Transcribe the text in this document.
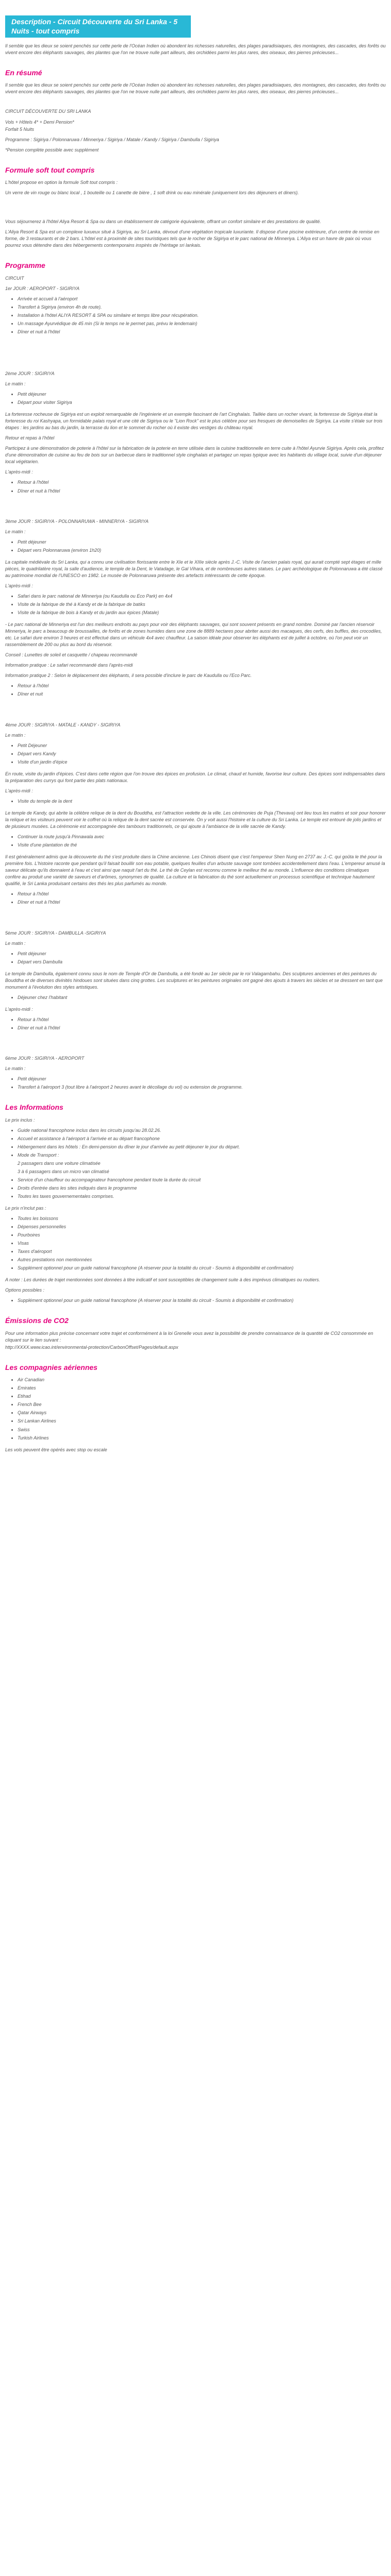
Description - Circuit Découverte du Sri Lanka - 5 Nuits - tout compris

Il semble que les dieux se soient penchés sur cette perle de l'Océan Indien où abondent les richesses naturelles, des plages paradisiaques, des montagnes, des cascades, des forêts ou vivent encore des éléphants sauvages, des plantes que l'on ne trouve nulle part ailleurs, des orchidées parmi les plus rares, des oiseaux, des pierres précieuses...

En résumé

Il semble que les dieux se soient penchés sur cette perle de l'Océan Indien où abondent les richesses naturelles, des plages paradisiaques, des montagnes, des cascades, des forêts ou vivent encore des éléphants sauvages, des plantes que l'on ne trouve nulle part ailleurs, des orchidées parmi les plus rares, des oiseaux, des pierres précieuses...

CIRCUIT DÉCOUVERTE DU SRI LANKA

Vols + Hôtels 4* + Demi Pension*

Forfait 5 Nuits

Programme : Sigiriya / Polonnaruwa / Minneriya / Sigiriya / Matale / Kandy / Sigiriya / Dambulla / Sigiriya

*Pension complète possible avec supplément

Formule soft tout compris

L'hôtel propose en option la formule Soft tout compris :

Un verre de vin rouge ou blanc local , 1 bouteille ou 1 canette de bière , 1 soft drink ou eau minérale (uniquement lors des déjeuners et diners).

Vous séjournerez à l'hôtel Aliya Resort & Spa ou dans un établissement de catégorie équivalente, offrant un confort similaire et des prestations de qualité.

L'Aliya Resort & Spa est un complexe luxueux situé à Sigiriya, au Sri Lanka, dévoué d'une végétation tropicale luxuriante. Il dispose d'une piscine extérieure, d'un centre de remise en forme, de 3 restaurants et de 2 bars. L'hôtel est à proximité de sites touristiques tels que le rocher de Sigiriya et le parc national de Minneriya. L'Aliya est un havre de paix où vous pourrez vous détendre dans des hébergements contemporains inspirés de l'héritage sri lankais.

Programme

CIRCUIT

1er JOUR : AEROPORT - SIGIRIYA

• Arrivée et accueil à l'aéroport
• Transfert à Sigiriya (environ 4h de route).
• Installation à l'hôtel ALIYA RESORT & SPA ou similaire et temps libre pour récupération.
• Un massage Ayurvédique de 45 min (Si le temps ne le permet pas, prévu le lendemain)
• Dîner et nuit à l'hôtel

2ème JOUR : SIGIRIYA

Le matin :

• Petit déjeuner
• Départ pour visiter Sigiriya

La forteresse rocheuse de Sigiriya est un exploit remarquable de l'ingénierie et un exemple fascinant de l'art Cinghalais. Taillée dans un rocher vivant, la forteresse de Sigiriya était la forteresse du roi Kashyapa, un formidable palais royal et une cité de Sigiriya ou le "Lion Rock" est le plus célèbre pour ses fresques de demoiselles de Sigiriya. La visite s'étale sur trois étapes : les jardins au bas du jardin, la terrasse du lion et le sommet du rocher où il existe des vestiges du château royal.

Retour et repas à l'hôtel

Participez à une démonstration de poterie à l'hôtel sur la fabrication de la poterie en terre utilisée dans la cuisine traditionnelle en terre cuite à l'hôtel Ayurvie Sigiriya. Après cela, profitez d'une démonstration de cuisine au feu de bois sur un barbecue dans le traditionnel style cinghalais et partagez un repas typique avec les habitants du village local, suivie d'un déjeuner local végétarien.

L'après-midi :

• Retour à l'hôtel
• Dîner et nuit à l'hôtel

3ème JOUR : SIGIRIYA - POLONNARUWA - MINNERIYA - SIGIRIYA

Le matin :

• Petit déjeuner
• Départ vers Polonnaruwa (environ 1h20)

La capitale médiévale du Sri Lanka, qui a connu une civilisation florissante entre le XIe et le XIIIe siècle après J.-C. Visite de l'ancien palais royal, qui aurait compté sept étages et mille pièces, le quadrilatère royal, la salle d'audience, le temple de la Dent, le Vatadage, le Gal Vihara, et de nombreuses autres statues. Le parc archéologique de Polonnaruwa a été classé au patrimoine mondial de l'UNESCO en 1982. Le musée de Polonnaruwa présente des artefacts intéressants de cette époque.

L'après-midi :

• Safari dans le parc national de Minneriya (ou Kaudulla ou Eco Park) en 4x4
• Visite de la fabrique de thé à Kandy et de la fabrique de batiks
• Visite de la fabrique de bois à Kandy et du jardin aux épices (Matale)

- Le parc national de Minneriya est l'un des meilleurs endroits au pays pour voir des éléphants sauvages, qui sont souvent présents en grand nombre. Dominé par l'ancien réservoir Minneriya, le parc a beaucoup de broussailles, de forêts et de zones humides dans une zone de 8889 hectares pour abriter aussi des macaques, des cerfs, des buffles, des crocodiles, etc. Le safari dure environ 3 heures et est effectué dans un véhicule 4x4 avec chauffeur. La saison idéale pour observer les éléphants est de juillet à octobre, où l'on peut voir un rassemblement de 200 ou plus au bord du réservoir.

Conseil : Lunettes de soleil et casquette / chapeau recommandé

Information pratique : Le safari recommandé dans l'après-midi

Information pratique 2 : Selon le déplacement des éléphants, il sera possible d'inclure le parc de Kaudulla ou l'Eco Parc.

• Retour à l'hôtel
• Dîner et nuit

4ème JOUR : SIGIRIYA - MATALE - KANDY - SIGIRIYA

Le matin :

• Petit Déjeuner
• Départ vers Kandy
• Visite d'un jardin d'épice

En route, visite du jardin d'épices. C'est dans cette région que l'on trouve des épices en profusion. Le climat, chaud et humide, favorise leur culture. Des épices sont indispensables dans la préparation des currys qui font partie des plats nationaux.

L'après-midi :

• Visite du temple de la dent

Le temple de Kandy, qui abrite la célèbre relique de la dent du Bouddha, est l'attraction vedette de la ville. Les cérémonies de Puja (Thevava) ont lieu tous les matins et soir pour honorer la relique et les visiteurs peuvent voir le coffret où la relique de la dent sacrée est conservée. On y voit aussi l'histoire et la culture du Sri Lanka. Le temple est entouré de jolis jardins et de plusieurs musées. La cérémonie est accompagnée des tambours traditionnels, ce qui ajoute à l'ambiance de la ville sacrée de Kandy.

• Continuer la route jusqu'à Pinnawala avec
• Visite d'une plantation de thé

Il est généralement admis que la découverte du thé s'est produite dans la Chine ancienne. Les Chinois disent que c'est l'empereur Shen Nung en 2737 av. J.-C. qui goûta le thé pour la première fois. L'histoire raconte que pendant qu'il faisait bouillir son eau potable, quelques feuilles d'un arbuste sauvage sont tombées accidentellement dans l'eau. L'empereur amusé la saveur délicate qu'ils donnaient à l'eau et c'est ainsi que naquit l'art du thé. Le thé de Ceylan est reconnu comme le meilleur thé au monde. L'influence des conditions climatiques confère au produit une variété de saveurs et d'arômes, synonymes de qualité. La culture et la fabrication du thé sont actuellement un processus scientifique et technique hautement qualifié, le Sri Lanka produisant certains des thés les plus parfumés au monde.

• Retour à l'hôtel
• Dîner et nuit à l'hôtel

5ème JOUR : SIGIRIYA - DAMBULLA -SIGIRIYA

Le matin :

• Petit déjeuner
• Départ vers Dambulla

Le temple de Dambulla, également connu sous le nom de Temple d'Or de Dambulla, a été fondé au 1er siècle par le roi Valagambahu. Des sculptures anciennes et des peintures du Bouddha et de diverses divinités hindoues sont situées dans cinq grottes. Les sculptures et les peintures originales ont gagné des ajouts à travers les siècles et se dressent en tant que monument à l'évolution des styles artistiques.

• Déjeuner chez l'habitant

L'après-midi :

• Retour à l'hôtel
• Dîner et nuit à l'hôtel

6ème JOUR : SIGIRIYA - AEROPORT

Le matin :

• Petit déjeuner
• Transfert à l'aéroport 3 (tout libre à l'aéroport 2 heures avant le décollage du vol) ou extension de programme.
Les Informations

Le prix inclus :

• Guide national francophone inclus dans les circuits jusqu'au 28.02.26.
• Accueil et assistance à l'aéroport à l'arrivée et au départ francophone
• Hébergement dans les hôtels : En demi-pension du dîner le jour d'arrivée au petit déjeuner le jour du départ.
• Mode de Transport :
2 passagers dans une voiture climatisée
3 à 6 passagers dans un micro van climatisé
• Service d'un chauffeur ou accompagnateur francophone pendant toute la durée du circuit
• Droits d'entrée dans les sites indiqués dans le programme
• Toutes les taxes gouvernementales comprises.

Le prix n'inclut pas :

• Toutes les boissons
• Dépenses personnelles
• Pourboires
• Visas
• Taxes d'aéroport
• Autres prestations non mentionnées
• Supplément optionnel pour un guide national francophone (A réserver pour la totalité du circuit - Soumis à disponibilité et confirmation)

A noter : Les durées de trajet mentionnées sont données à titre indicatif et sont susceptibles de changement suite à des imprévus climatiques ou routiers.

Options possibles :

• Supplément optionnel pour un guide national francophone (A réserver pour la totalité du circuit - Soumis à disponibilité et confirmation)
Émissions de CO2

Pour une information plus précise concernant votre trajet et conformément à la loi Grenelle vous avez la possibilité de prendre connaissance de la quantité de CO2 consommée en cliquant sur le lien suivant :

http://XXXX.www.icao.int/environmental-protection/CarbonOffset/Pages/default.aspx
Les compagnies aériennes
• Air Canadian
• Emirates
• Etihad
• French Bee
• Qatar Airways
• Sri Lankan Airlines
• Swiss
• Turkish Airlines

Les vols peuvent être opérés avec stop ou escale
